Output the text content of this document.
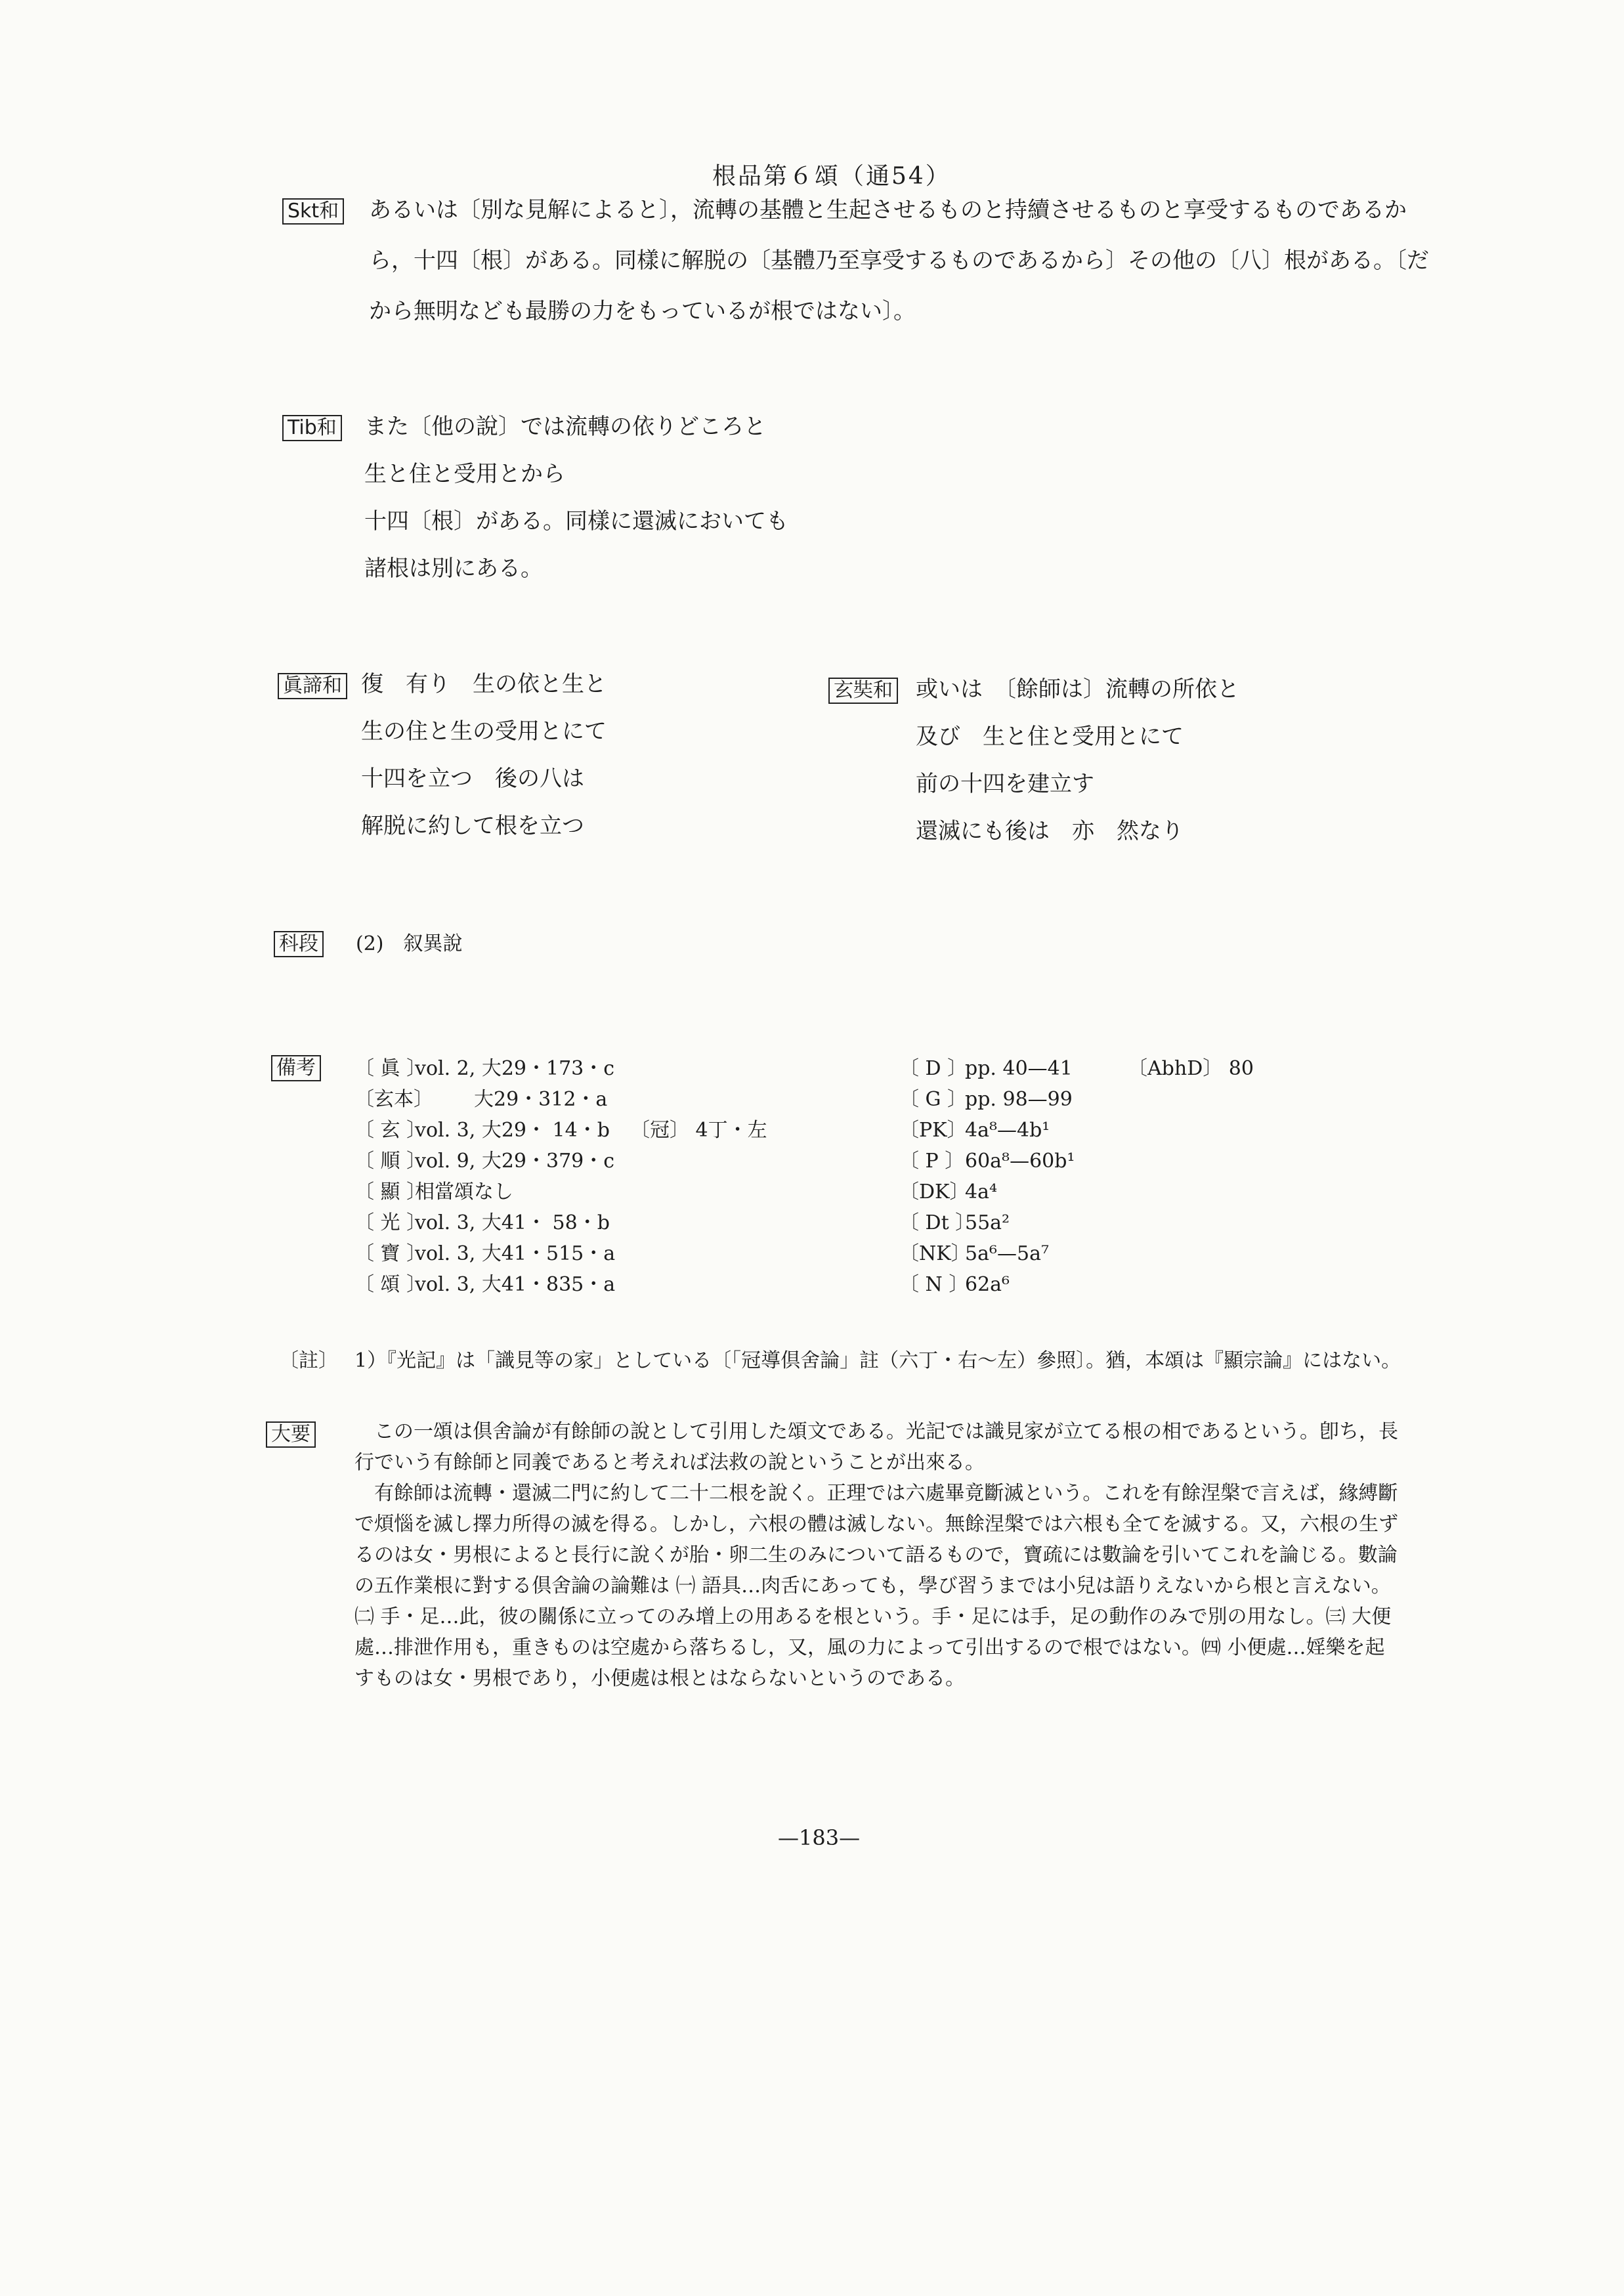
根品第６頌（通54）
Skt和 あるいは〔別な見解によると〕，流轉の基體と生起させるものと持續させるものと享受するものであるか
ら，十四〔根〕がある。同樣に解脱の〔基體乃至享受するものであるから〕その他の〔八〕根がある。〔だ
から無明なども最勝の力をもっているが根ではない〕。
Tib和 また〔他の說〕では流轉の依りどころと
生と住と受用とから
十四〔根〕がある。同樣に還滅においても
諸根は別にある。
眞諦和 復　有り　生の依と生と
生の住と生の受用とにて
十四を立つ　後の八は
解脱に約して根を立つ
玄奘和 或いは　〔餘師は〕流轉の所依と
及び　生と住と受用とにて
前の十四を建立す
還滅にも後は　亦　然なり
科段 (2)　叙異說
備考 〔 眞 〕
vol. 2, 大29・173・c
〔玄本〕
　　　大29・312・a
〔 玄 〕
vol. 3, 大29・ 14・b 〔冠〕 4丁・左
〔 順 〕
vol. 9, 大29・379・c
〔 顯 〕
相當頌なし
〔 光 〕
vol. 3, 大41・ 58・b
〔 寶 〕
vol. 3, 大41・515・a
〔 頌 〕
vol. 3, 大41・835・a
〔 D 〕
pp. 40—41	〔AbhD〕 80
〔 G 〕
pp. 98—99
〔PK〕
4a⁸—4b¹
〔 P 〕 60a⁸—60b¹
〔DK〕
4a⁴
〔 Dt 〕
55a²
〔NK〕
5a⁶—5a⁷
〔 N 〕
62a⁶
〔註〕 1）『光記』は「識見等の家」としている〔「冠導倶舍論」註（六丁・右～左）參照〕。猶，本頌は『顯宗論』にはない。
大要 　この一頌は倶舍論が有餘師の說として引用した頌文である。光記では識見家が立てる根の相であるという。卽ち，長
行でいう有餘師と同義であると考えれば法救の說ということが出來る。
　有餘師は流轉・還滅二門に約して二十二根を說く。正理では六處畢竟斷滅という。これを有餘涅槃で言えば，緣縛斷
で煩惱を滅し擇力所得の滅を得る。しかし，六根の體は滅しない。無餘涅槃では六根も全てを滅する。又，六根の生ず
るのは女・男根によると長行に說くが胎・卵二生のみについて語るもので，寶疏には數論を引いてこれを論じる。數論
の五作業根に對する倶舍論の論難は ㈠ 語具…肉舌にあっても，學び習うまでは小兒は語りえないから根と言えない。
㈡ 手・足…此，彼の關係に立ってのみ增上の用あるを根という。手・足には手，足の動作のみで別の用なし。㈢ 大便
處…排泄作用も，重きものは空處から落ちるし，又，風の力によって引出するので根ではない。㈣ 小便處…婬樂を起
すものは女・男根であり，小便處は根とはならないというのである。
—183—
